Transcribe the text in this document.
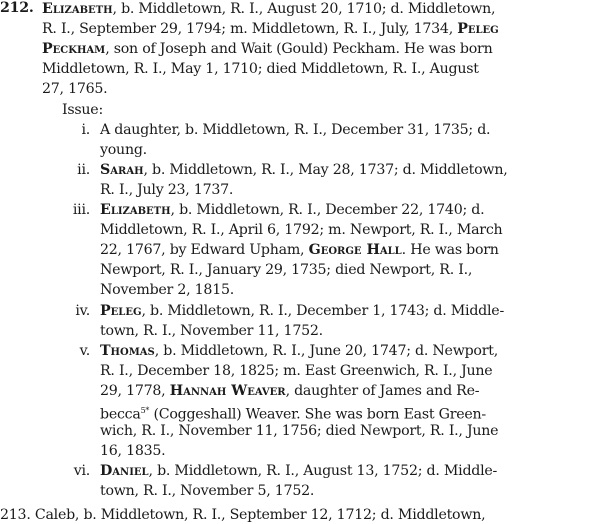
212. Elizabeth, b. Middletown, R. I., August 20, 1710; d. Middletown,
R. I., September 29, 1794; m. Middletown, R. I., July, 1734, Peleg
Peckham, son of Joseph and Wait (Gould) Peckham. He was born
Middletown, R. I., May 1, 1710; died Middletown, R. I., August
27, 1765.
Issue:
i. A daughter, b. Middletown, R. I., December 31, 1735; d.
young.
ii. Sarah, b. Middletown, R. I., May 28, 1737; d. Middletown,
R. I., July 23, 1737.
iii. Elizabeth, b. Middletown, R. I., December 22, 1740; d.
Middletown, R. I., April 6, 1792; m. Newport, R. I., March
22, 1767, by Edward Upham, George Hall. He was born
Newport, R. I., January 29, 1735; died Newport, R. I.,
November 2, 1815.
iv. Peleg, b. Middletown, R. I., December 1, 1743; d. Middle-
town, R. I., November 11, 1752.
v. Thomas, b. Middletown, R. I., June 20, 1747; d. Newport,
R. I., December 18, 1825; m. East Greenwich, R. I., June
29, 1778, Hannah Weaver, daughter of James and Re-
becca$^{5*}$ (Coggeshall) Weaver. She was born East Green-
wich, R. I., November 11, 1756; died Newport, R. I., June
16, 1835.
vi. Daniel, b. Middletown, R. I., August 13, 1752; d. Middle-
town, R. I., November 5, 1752.
213. Caleb, b. Middletown, R. I., September 12, 1712; d. Middletown,
